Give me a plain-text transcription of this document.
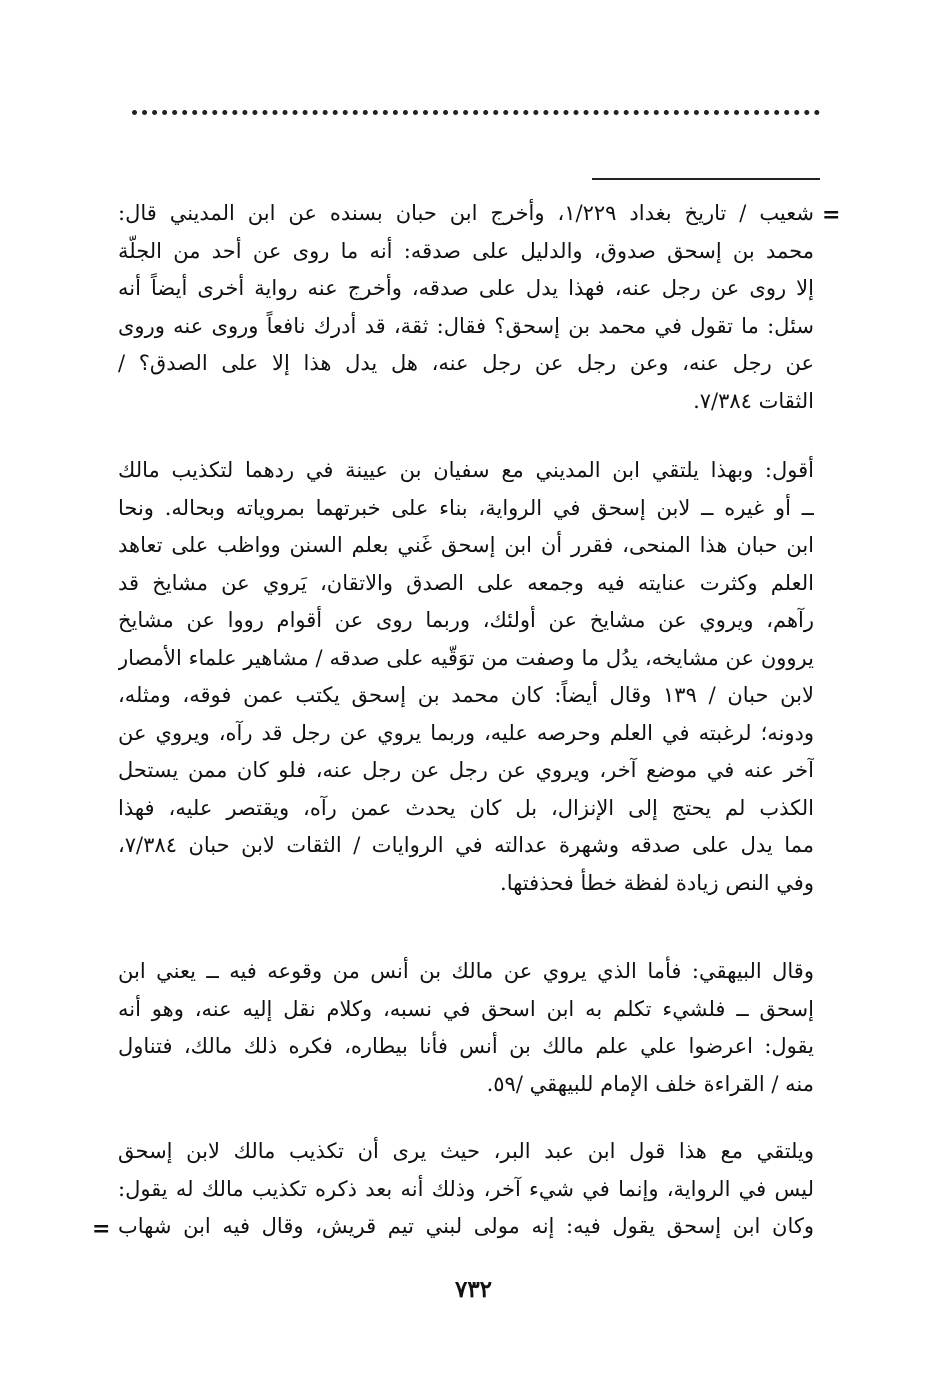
=
شعيب / تاريخ بغداد ١/٢٢٩، وأخرج ابن حبان بسنده عن ابن المديني قال:
محمد بن إسحق صدوق، والدليل على صدقه: أنه ما روى عن أحد من الجلّة
إلا روى عن رجل عنه، فهذا يدل على صدقه، وأخرج عنه رواية أخرى أيضاً أنه
سئل: ما تقول في محمد بن إسحق؟ فقال: ثقة، قد أدرك نافعاً وروى عنه وروى
عن رجل عنه، وعن رجل عن رجل عنه، هل يدل هذا إلا على الصدق؟ /
الثقات ٧/٣٨٤.
أقول: وبهذا يلتقي ابن المديني مع سفيان بن عيينة في ردهما لتكذيب مالك
ــ أو غيره ــ لابن إسحق في الرواية، بناء على خبرتهما بمروياته وبحاله. ونحا
ابن حبان هذا المنحى، فقرر أن ابن إسحق غَني بعلم السنن وواظب على تعاهد
العلم وكثرت عنايته فيه وجمعه على الصدق والاتقان، يَروي عن مشايخ قد
رآهم، ويروي عن مشايخ عن أولئك، وربما روى عن أقوام رووا عن مشايخ
يروون عن مشايخه، يدُل ما وصفت من توَقّيه على صدقه / مشاهير علماء الأمصار
لابن حبان / ١٣٩ وقال أيضاً: كان محمد بن إسحق يكتب عمن فوقه، ومثله،
ودونه؛ لرغبته في العلم وحرصه عليه، وربما يروي عن رجل قد رآه، ويروي عن
آخر عنه في موضع آخر، ويروي عن رجل عن رجل عنه، فلو كان ممن يستحل
الكذب لم يحتج إلى الإنزال، بل كان يحدث عمن رآه، ويقتصر عليه، فهذا
مما يدل على صدقه وشهرة عدالته في الروايات / الثقات لابن حبان ٧/٣٨٤،
وفي النص زيادة لفظة خطأ فحذفتها.
وقال البيهقي: فأما الذي يروي عن مالك بن أنس من وقوعه فيه ــ يعني ابن
إسحق ــ فلشيء تكلم به ابن اسحق في نسبه، وكلام نقل إليه عنه، وهو أنه
يقول: اعرضوا علي علم مالك بن أنس فأنا بيطاره، فكره ذلك مالك، فتناول
منه / القراءة خلف الإمام للبيهقي /٥٩.
ويلتقي مع هذا قول ابن عبد البر، حيث يرى أن تكذيب مالك لابن إسحق
ليس في الرواية، وإنما في شيء آخر، وذلك أنه بعد ذكره تكذيب مالك له يقول:
وكان ابن إسحق يقول فيه: إنه مولى لبني تيم قريش، وقال فيه ابن شهاب
=
٧٣٢
